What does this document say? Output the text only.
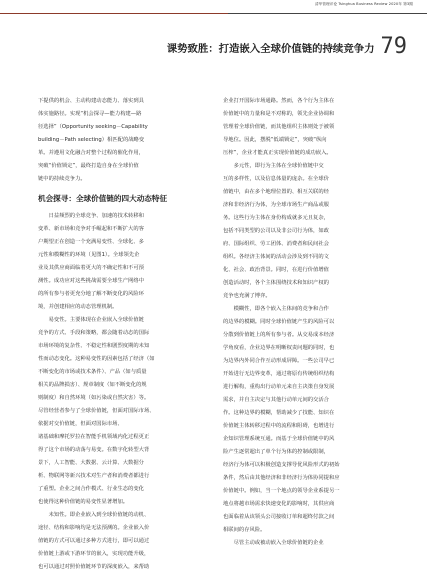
清华管理评论 Tsinghua Business Review 2020年 第3期
课势致胜：打造嵌入全球价值链的持续竞争力 79

下提供的机会、主动构建动态能力、落实到具

体实施路径。实现“机会探寻—能力构建—路

径选择”（Opportunity seeking－Capability

building－Path selecting）相匹配的战略变

革。并遵用文化融合对整个过程的催化作用，

突破“价值锁定”，最终打造自身在全球价值

链中的持续竞争力。

机会探寻：全球价值链的四大动态特征

日益频烈的全球竞争、加速的技术转移和

变革、新市场和竞争对手崛起和不断扩大的客

户期望正在创造一个充满易变性、全球化、多

元性和模糊性的环境（见图1）。全球领先企

业及其供应商面临着更大的不确定性和不可预

测性。成功应对这些挑战需要全球生产网络中

的所有参与者更充分地了解不断变化的风险环

境，并创建相应的动态管理机制。

易变性。主要体现在企业嵌入全球价值链

竞争的方式、手段和策略，都会随着动态的国际

市场环境的复杂性、不稳定性和剧烈度期的未知

性而动态变化。这种易变性的因素包括了经济（如

不断变化的市场或技术条件）、产品（如与质量

相关的品牌损害）、规章制度（如不断变化的规

则制度）和自然环境（如污染或自然灾害）等。

尽管经营者参与了全球价值链，但面对国际市场、

依据对交价值链，但面对国际市场、

诸基础和摩托罗拉在智能手机领域内化过程更正

得了这个市场的动荡与易变。在数字化转型大背

景下，人工智能、大数据、云计算、大数据分

析、物联网等新兴技术对生产者和消费者都进行

了重塑。企业之间合作模式、行业生态的变化

也使得这种价值链的易变性显著增加。

未知性。即企业嵌入到全球价值链的动机、

途径、结构和影响均是无法预测的。企业嵌入价

值链的方式可以通过多种方式进行，即可以通过

价值链上游或下游环节的嵌入，实现功能升级，

也可以通过对照价值链环节的深度嵌入，来帮助

企业打开国际市场通路。然而，各个行为主体在

价值链中的力量和是不对称的，领先企业协调和

管理着全球价值链，而其他组织主体则处于被领

导地位。因此，摆脱“低端锁定”，突破“纵向

压榨”，企业才能真正实现价值链的成功嵌入。

多元性，即行为主体在全球价值链中交

互的多样性，以及信息体量的庞杂。在全球价

值链中，由在多个地理位置的、相互关联的经

济和非经济行为体，为全球市场生产商品或服

务。这些行为主体在身份构成就多元且复杂，

包括不同类型的公司以及非公司行为体，如政

府、国际组织、劳工团体、消费者和民间社会

组织。各经济主体间的活动会涉及到不同的文

化、社会、政治背景。同时，在进行价值增值

创造活动时，各个主体围绕技术和知识产权的

竞争也充满了博弈。

模糊性，即各个嵌入主体间的竞争和合作

的边界的模糊。同时全球价值链产生的风险可以

分散到价值链上的所有参与者。从交易成本经济

学角度看，企业边界在明晰权责问题的同时，也

为边界内外同合作互动形成屏障。一些公司早已

开始进行无边界变革，通过将原有传统组织结构

进行解构，重构出行动单元来自主决策自身发展

需求，并自主决定与其他行动单元间的交活合

作。这种边界的模糊，帮助减少了技能、知识在

价值链主体转移过程中的流程和阻碍，也增进行

企知识管理系统互通。而基于全球价值链中的风

险产生逐常超出了单个行为体的控制或限制，

经济行为体可以积极创造支撑导优风险形式的初始

条件，然后由其他经济和非经济行为体协同提和应

价值链中。例如，当一个地点的领导企业系提另一

地点将越市场需求快速变化的影响时，其供应商

也面临着从该领头公司接收订单和超终付款之间

相联间的存风险。

尽管主动或被动嵌入全球价值链的企业
